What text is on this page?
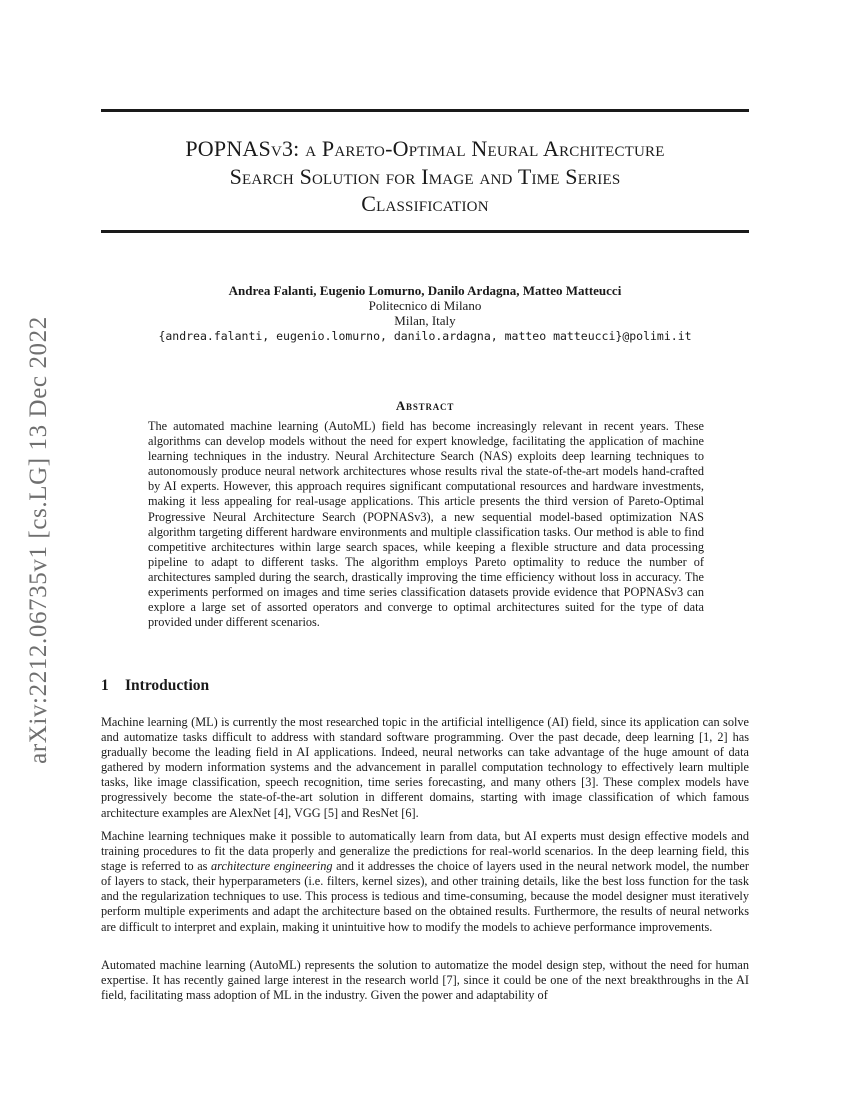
arXiv:2212.06735v1 [cs.LG] 13 Dec 2022
POPNASv3: a Pareto-Optimal Neural Architecture
Search Solution for Image and Time Series
Classification
Andrea Falanti, Eugenio Lomurno, Danilo Ardagna, Matteo Matteucci
Politecnico di Milano
Milan, Italy
{andrea.falanti, eugenio.lomurno, danilo.ardagna, matteo matteucci}@polimi.it
Abstract

The automated machine learning (AutoML) field has become increasingly relevant in recent years. These algorithms can develop models without the need for expert knowledge, facilitating the application of machine learning techniques in the industry. Neural Architecture Search (NAS) exploits deep learning techniques to autonomously produce neural network architectures whose results rival the state-of-the-art models hand-crafted by AI experts. However, this approach requires significant computational resources and hardware investments, making it less appealing for real-usage applications. This article presents the third version of Pareto-Optimal Progressive Neural Architecture Search (POPNASv3), a new sequential model-based optimization NAS algorithm targeting different hardware environments and multiple classification tasks. Our method is able to find competitive architectures within large search spaces, while keeping a flexible structure and data processing pipeline to adapt to different tasks. The algorithm employs Pareto optimality to reduce the number of architectures sampled during the search, drastically improving the time efficiency without loss in accuracy. The experiments performed on images and time series classification datasets provide evidence that POPNASv3 can explore a large set of assorted operators and converge to optimal architectures suited for the type of data provided under different scenarios.

1 Introduction

Machine learning (ML) is currently the most researched topic in the artificial intelligence (AI) field, since its application can solve and automatize tasks difficult to address with standard software programming. Over the past decade, deep learning [1, 2] has gradually become the leading field in AI applications. Indeed, neural networks can take advantage of the huge amount of data gathered by modern information systems and the advancement in parallel computation technology to effectively learn multiple tasks, like image classification, speech recognition, time series forecasting, and many others [3]. These complex models have progressively become the state-of-the-art solution in different domains, starting with image classification of which famous architecture examples are AlexNet [4], VGG [5] and ResNet [6].

Machine learning techniques make it possible to automatically learn from data, but AI experts must design effective models and training procedures to fit the data properly and generalize the predictions for real-world scenarios. In the deep learning field, this stage is referred to as architecture engineering and it addresses the choice of layers used in the neural network model, the number of layers to stack, their hyperparameters (i.e. filters, kernel sizes), and other training details, like the best loss function for the task and the regularization techniques to use. This process is tedious and time-consuming, because the model designer must iteratively perform multiple experiments and adapt the architecture based on the obtained results. Furthermore, the results of neural networks are difficult to interpret and explain, making it unintuitive how to modify the models to achieve performance improvements.

Automated machine learning (AutoML) represents the solution to automatize the model design step, without the need for human expertise. It has recently gained large interest in the research world [7], since it could be one of the next breakthroughs in the AI field, facilitating mass adoption of ML in the industry. Given the power and adaptability of
